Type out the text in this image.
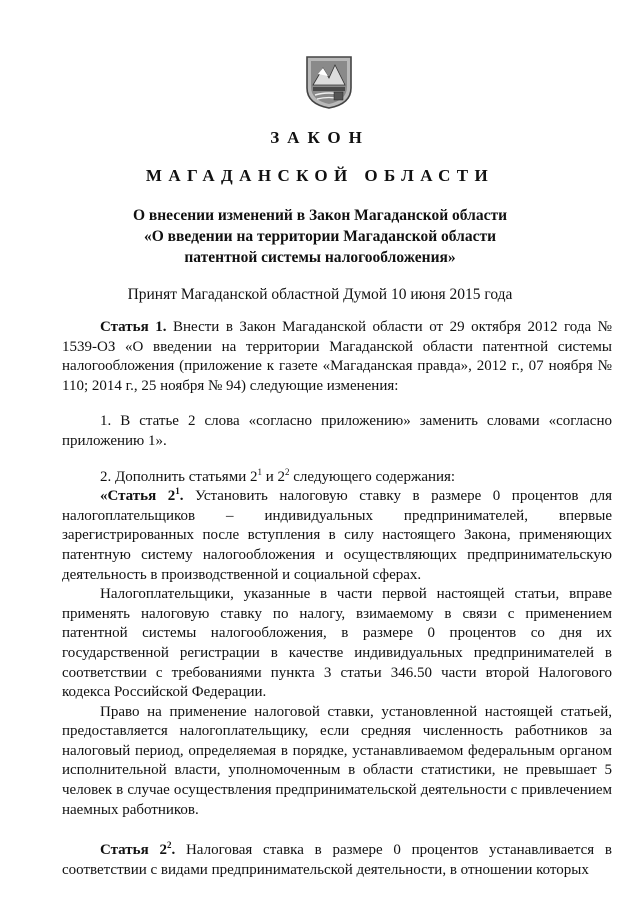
ЗАКОН
МАГАДАНСКОЙ ОБЛАСТИ
О внесении изменений в Закон Магаданской области
«О введении на территории Магаданской области
патентной системы налогообложения»
Принят Магаданской областной Думой 10 июня 2015 года

Статья 1. Внести в Закон Магаданской области от 29 октября 2012 года № 1539-ОЗ «О введении на территории Магаданской области патентной системы налогообложения (приложение к газете «Магаданская правда», 2012 г., 07 ноября № 110; 2014 г., 25 ноября № 94) следующие изменения:

1. В статье 2 слова «согласно приложению» заменить словами «согласно приложению 1».

2. Дополнить статьями $2^1$ и $2^2$ следующего содержания:

«Статья $2^1$. Установить налоговую ставку в размере 0 процентов для налогоплательщиков – индивидуальных предпринимателей, впервые зарегистрированных после вступления в силу настоящего Закона, применяющих патентную систему налогообложения и осуществляющих предпринимательскую деятельность в производственной и социальной сферах.

Налогоплательщики, указанные в части первой настоящей статьи, вправе применять налоговую ставку по налогу, взимаемому в связи с применением патентной системы налогообложения, в размере 0 процентов со дня их государственной регистрации в качестве индивидуальных предпринимателей в соответствии с требованиями пункта 3 статьи 346.50 части второй Налогового кодекса Российской Федерации.

Право на применение налоговой ставки, установленной настоящей статьей, предоставляется налогоплательщику, если средняя численность работников за налоговый период, определяемая в порядке, устанавливаемом федеральным органом исполнительной власти, уполномоченным в области статистики, не превышает 5 человек в случае осуществления предпринимательской деятельности с привлечением наемных работников.

Статья $2^2$. Налоговая ставка в размере 0 процентов устанавливается в соответствии с видами предпринимательской деятельности, в отношении которых
